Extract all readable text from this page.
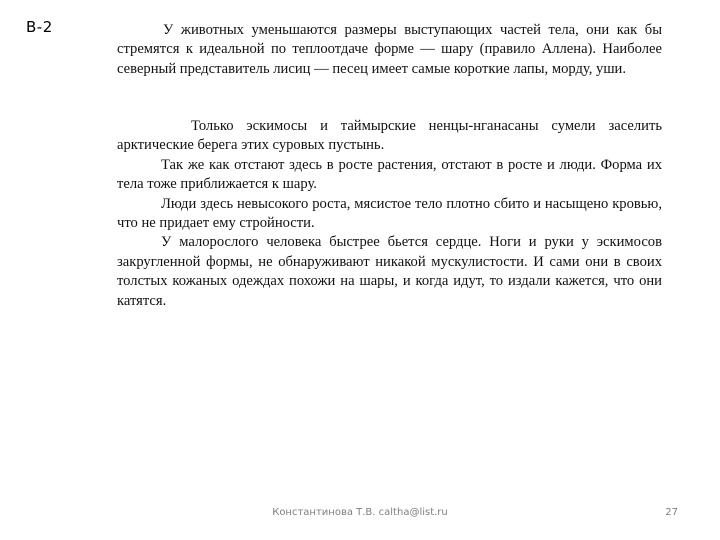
В-2	У животных уменьшаются размеры выступающих частей тела, они как бы стремятся к идеальной по теплоотдаче форме — шару (правило Аллена). Наиболее северный представитель лисиц — песец имеет самые короткие лапы, морду, уши.

Только эскимосы и таймырские ненцы-нганасаны сумели заселить арктические берега этих суровых пустынь.

Так же как отстают здесь в росте растения, отстают в росте и люди. Форма их тела тоже приближается к шару.

Люди здесь невысокого роста, мясистое тело плотно сбито и насыщено кровью, что не придает ему стройности.

У малорослого человека быстрее бьется сердце. Ноги и руки у эскимосов закругленной формы, не обнаруживают никакой мускулистости. И сами они в своих толстых кожаных одеждах похожи на шары, и когда идут, то издали кажется, что они катятся.

Константинова Т.В. caltha@list.ru	27
